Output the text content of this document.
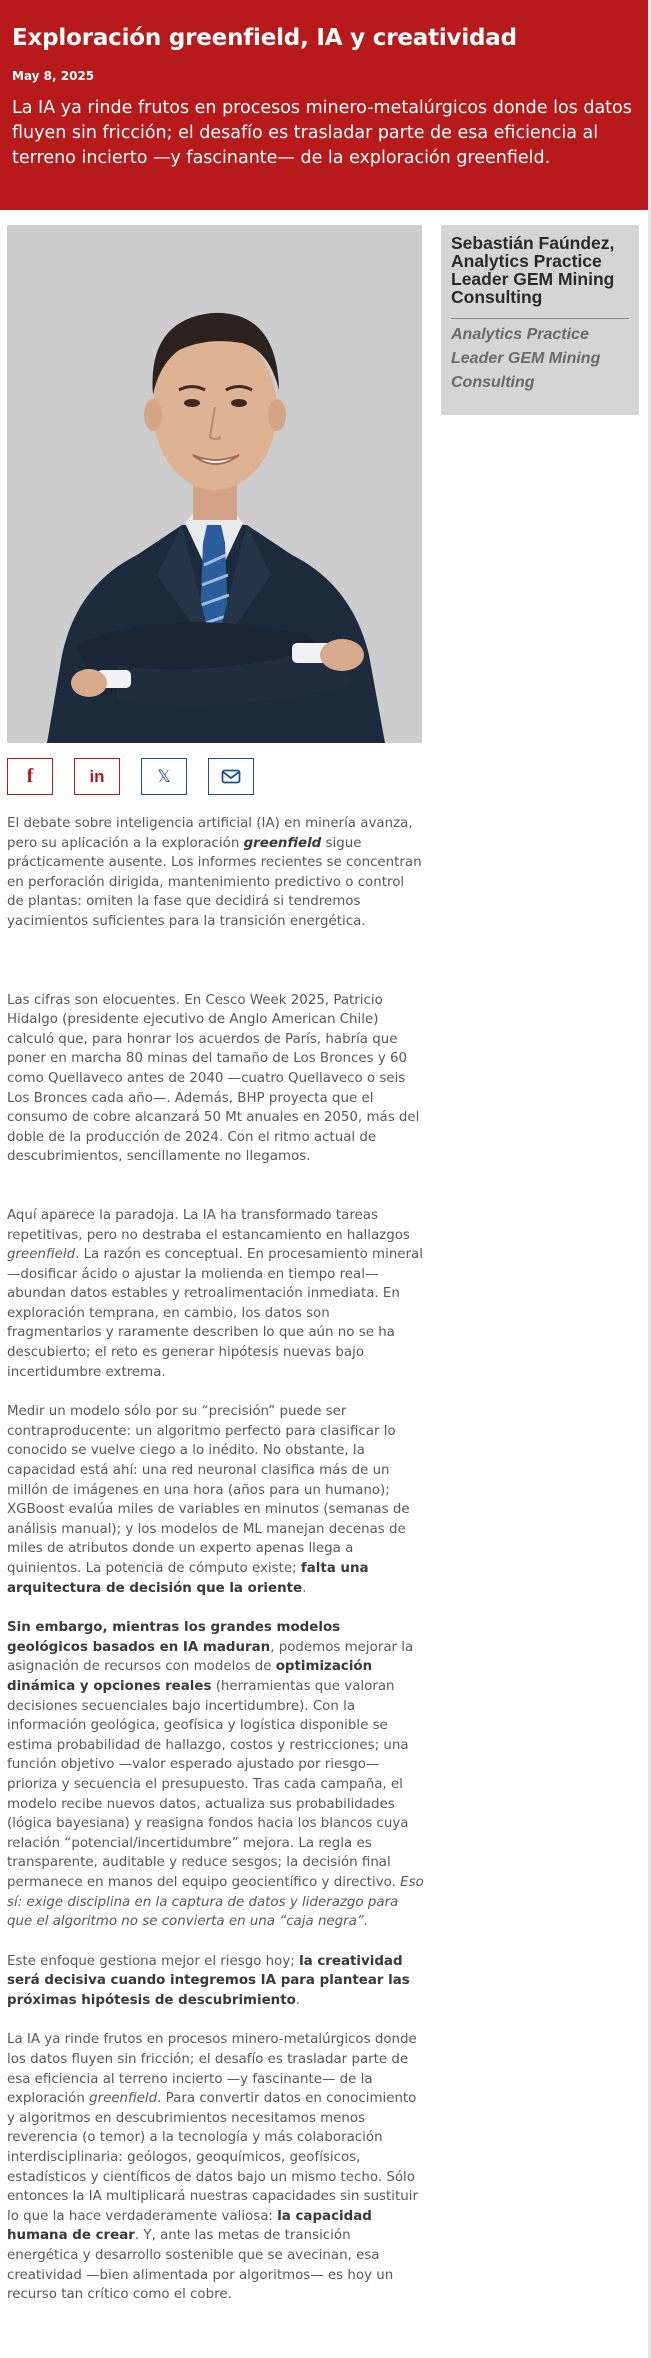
Exploración greenfield, IA y creatividad
May 8, 2025
La IA ya rinde frutos en procesos minero-metalúrgicos donde los datos fluyen sin fricción; el desafío es trasladar parte de esa eficiencia al terreno incierto —y fascinante— de la exploración greenfield.
Sebastián Faúndez, Analytics Practice Leader GEM Mining Consulting
Analytics Practice Leader GEM Mining Consulting
f	in	𝕏

El debate sobre inteligencia artificial (IA) en minería avanza, pero su aplicación a la exploración greenfield sigue prácticamente ausente. Los informes recientes se concentran en perforación dirigida, mantenimiento predictivo o control de plantas: omiten la fase que decidirá si tendremos yacimientos suficientes para la transición energética.

Las cifras son elocuentes. En Cesco Week 2025, Patricio Hidalgo (presidente ejecutivo de Anglo American Chile) calculó que, para honrar los acuerdos de París, habría que poner en marcha 80 minas del tamaño de Los Bronces y 60 como Quellaveco antes de 2040 —cuatro Quellaveco o seis Los Bronces cada año—. Además, BHP proyecta que el consumo de cobre alcanzará 50 Mt anuales en 2050, más del doble de la producción de 2024. Con el ritmo actual de descubrimientos, sencillamente no llegamos.

Aquí aparece la paradoja. La IA ha transformado tareas repetitivas, pero no destraba el estancamiento en hallazgos greenfield. La razón es conceptual. En procesamiento mineral —dosificar ácido o ajustar la molienda en tiempo real— abundan datos estables y retroalimentación inmediata. En exploración temprana, en cambio, los datos son fragmentarios y raramente describen lo que aún no se ha descubierto; el reto es generar hipótesis nuevas bajo incertidumbre extrema.

Medir un modelo sólo por su “precisión” puede ser contraproducente: un algoritmo perfecto para clasificar lo conocido se vuelve ciego a lo inédito. No obstante, la capacidad está ahí: una red neuronal clasifica más de un millón de imágenes en una hora (años para un humano); XGBoost evalúa miles de variables en minutos (semanas de análisis manual); y los modelos de ML manejan decenas de miles de atributos donde un experto apenas llega a quinientos. La potencia de cómputo existe; falta una arquitectura de decisión que la oriente.

Sin embargo, mientras los grandes modelos geológicos basados en IA maduran, podemos mejorar la asignación de recursos con modelos de optimización dinámica y opciones reales (herramientas que valoran decisiones secuenciales bajo incertidumbre). Con la información geológica, geofísica y logística disponible se estima probabilidad de hallazgo, costos y restricciones; una función objetivo —valor esperado ajustado por riesgo— prioriza y secuencia el presupuesto. Tras cada campaña, el modelo recibe nuevos datos, actualiza sus probabilidades (lógica bayesiana) y reasigna fondos hacia los blancos cuya relación “potencial/incertidumbre” mejora. La regla es transparente, auditable y reduce sesgos; la decisión final permanece en manos del equipo geocientífico y directivo. Eso sí: exige disciplina en la captura de datos y liderazgo para que el algoritmo no se convierta en una “caja negra”.

Este enfoque gestiona mejor el riesgo hoy; la creatividad será decisiva cuando integremos IA para plantear las próximas hipótesis de descubrimiento.

La IA ya rinde frutos en procesos minero-metalúrgicos donde los datos fluyen sin fricción; el desafío es trasladar parte de esa eficiencia al terreno incierto —y fascinante— de la exploración greenfield. Para convertir datos en conocimiento y algoritmos en descubrimientos necesitamos menos reverencia (o temor) a la tecnología y más colaboración interdisciplinaria: geólogos, geoquímicos, geofísicos, estadísticos y científicos de datos bajo un mismo techo. Sólo entonces la IA multiplicará nuestras capacidades sin sustituir lo que la hace verdaderamente valiosa: la capacidad humana de crear. Y, ante las metas de transición energética y desarrollo sostenible que se avecinan, esa creatividad —bien alimentada por algoritmos— es hoy un recurso tan crítico como el cobre.
